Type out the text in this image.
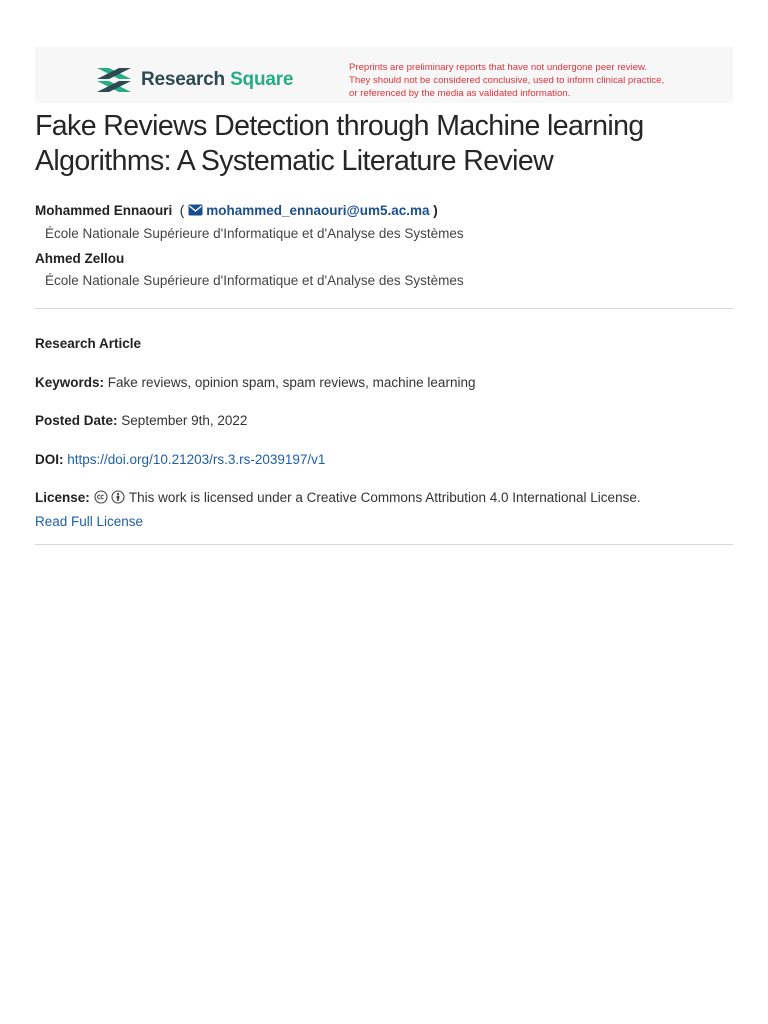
Research Square
Preprints are preliminary reports that have not undergone peer review.
They should not be considered conclusive, used to inform clinical practice,
or referenced by the media as validated information.
Fake Reviews Detection through Machine learning Algorithms: A Systematic Literature Review
Mohammed Ennaouri  ( mohammed_ennaouri@um5.ac.ma )
École Nationale Supérieure d'Informatique et d'Analyse des Systèmes
Ahmed Zellou
École Nationale Supérieure d'Informatique et d'Analyse des Systèmes
Research Article
Keywords: Fake reviews, opinion spam, spam reviews, machine learning
Posted Date: September 9th, 2022
DOI: https://doi.org/10.21203/rs.3.rs-2039197/v1
License:	This work is licensed under a Creative Commons Attribution 4.0 International License.
Read Full License
